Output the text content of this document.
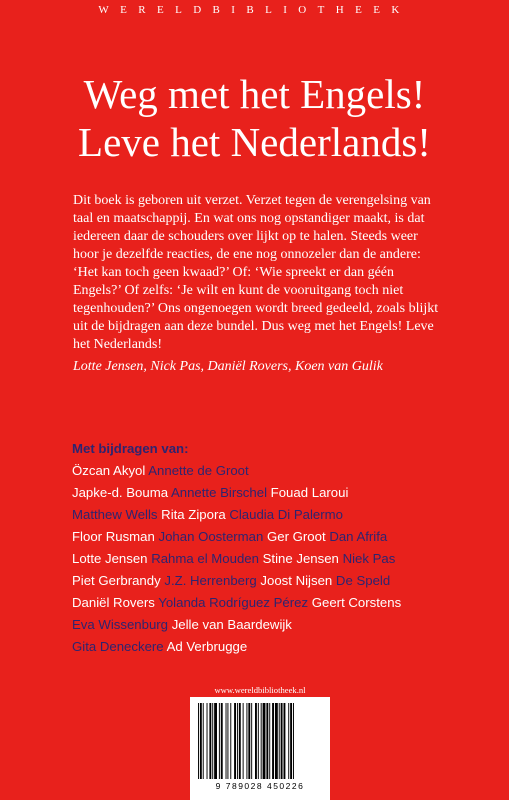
WERELDBIBLIOTHEEK
Weg met het Engels!
Leve het Nederlands!

Dit boek is geboren uit verzet. Verzet tegen de verengelsing van taal en maatschappij. En wat ons nog opstandiger maakt, is dat iedereen daar de schouders over lijkt op te halen. Steeds weer hoor je dezelfde reacties, de ene nog onnozeler dan de andere: ‘Het kan toch geen kwaad?’ Of: ‘Wie spreekt er dan géén Engels?’ Of zelfs: ‘Je wilt en kunt de vooruitgang toch niet tegenhouden?’ Ons ongenoegen wordt breed gedeeld, zoals blijkt uit de bijdragen aan deze bundel. Dus weg met het Engels! Leve het Nederlands!

Lotte Jensen, Nick Pas, Daniël Rovers, Koen van Gulik

Met bijdragen van:
Özcan Akyol Annette de Groot
Japke-d. Bouma Annette Birschel Fouad Laroui
Matthew Wells Rita Zipora Claudia Di Palermo
Floor Rusman Johan Oosterman Ger Groot Dan Afrifa
Lotte Jensen Rahma el Mouden Stine Jensen Niek Pas
Piet Gerbrandy J.Z. Herrenberg Joost Nijsen De Speld
Daniël Rovers Yolanda Rodríguez Pérez Geert Corstens
Eva Wissenburg Jelle van Baardewijk
Gita Deneckere Ad Verbrugge
www.wereldbibliotheek.nl
9 789028 450226
